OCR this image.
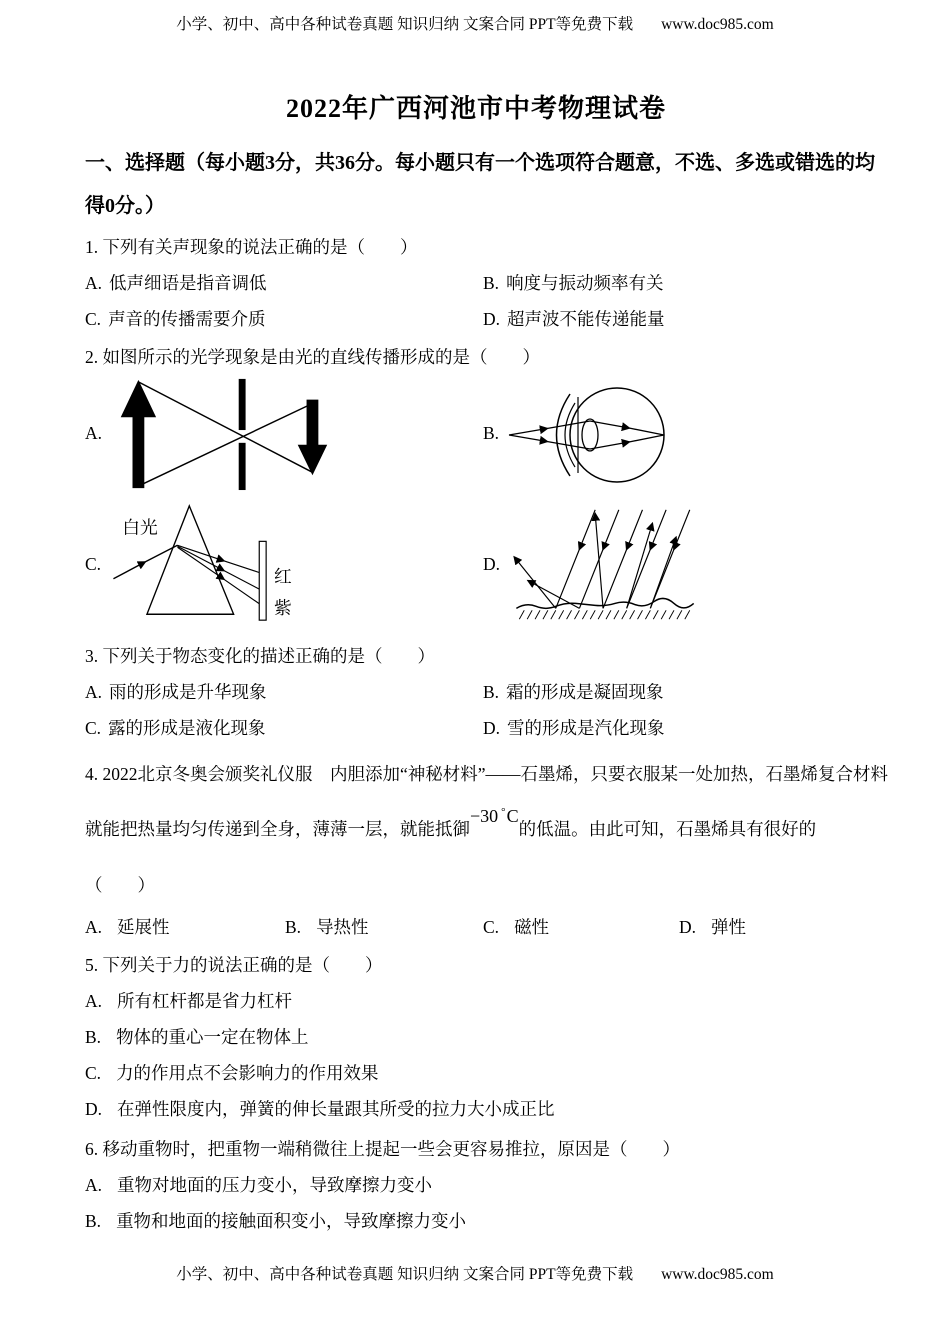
小学、初中、高中各种试卷真题 知识归纳 文案合同 PPT等免费下载 www.doc985.com
2022年广西河池市中考物理试卷
一、选择题（每小题3分，共36分。每小题只有一个选项符合题意，不选、多选或错选的均得0分。）
1. 下列有关声现象的说法正确的是（　　）
A. 低声细语是指音调低	B. 响度与振动频率有关
C. 声音的传播需要介质	D. 超声波不能传递能量
2. 如图所示的光学现象是由光的直线传播形成的是（　　）
A.	B.
C.
白光
红
紫
D.
3. 下列关于物态变化的描述正确的是（　　）
A. 雨的形成是升华现象	B. 霜的形成是凝固现象
C. 露的形成是液化现象	D. 雪的形成是汽化现象
4. 2022北京冬奥会颁奖礼仪服　内胆添加“神秘材料”——石墨烯，只要衣服某一处加热，石墨烯复合材料就能把热量均匀传递到全身，薄薄一层，就能抵御−30 °C的低温。由此可知，石墨烯具有很好的
（　　）
A. 延展性	B. 导热性	C. 磁性	D. 弹性
5. 下列关于力的说法正确的是（　　）
A. 所有杠杆都是省力杠杆
B. 物体的重心一定在物体上
C. 力的作用点不会影响力的作用效果
D. 在弹性限度内，弹簧的伸长量跟其所受的拉力大小成正比
6. 移动重物时，把重物一端稍微往上提起一些会更容易推拉，原因是（　　）
A. 重物对地面的压力变小，导致摩擦力变小
B. 重物和地面的接触面积变小，导致摩擦力变小
小学、初中、高中各种试卷真题 知识归纳 文案合同 PPT等免费下载 www.doc985.com
